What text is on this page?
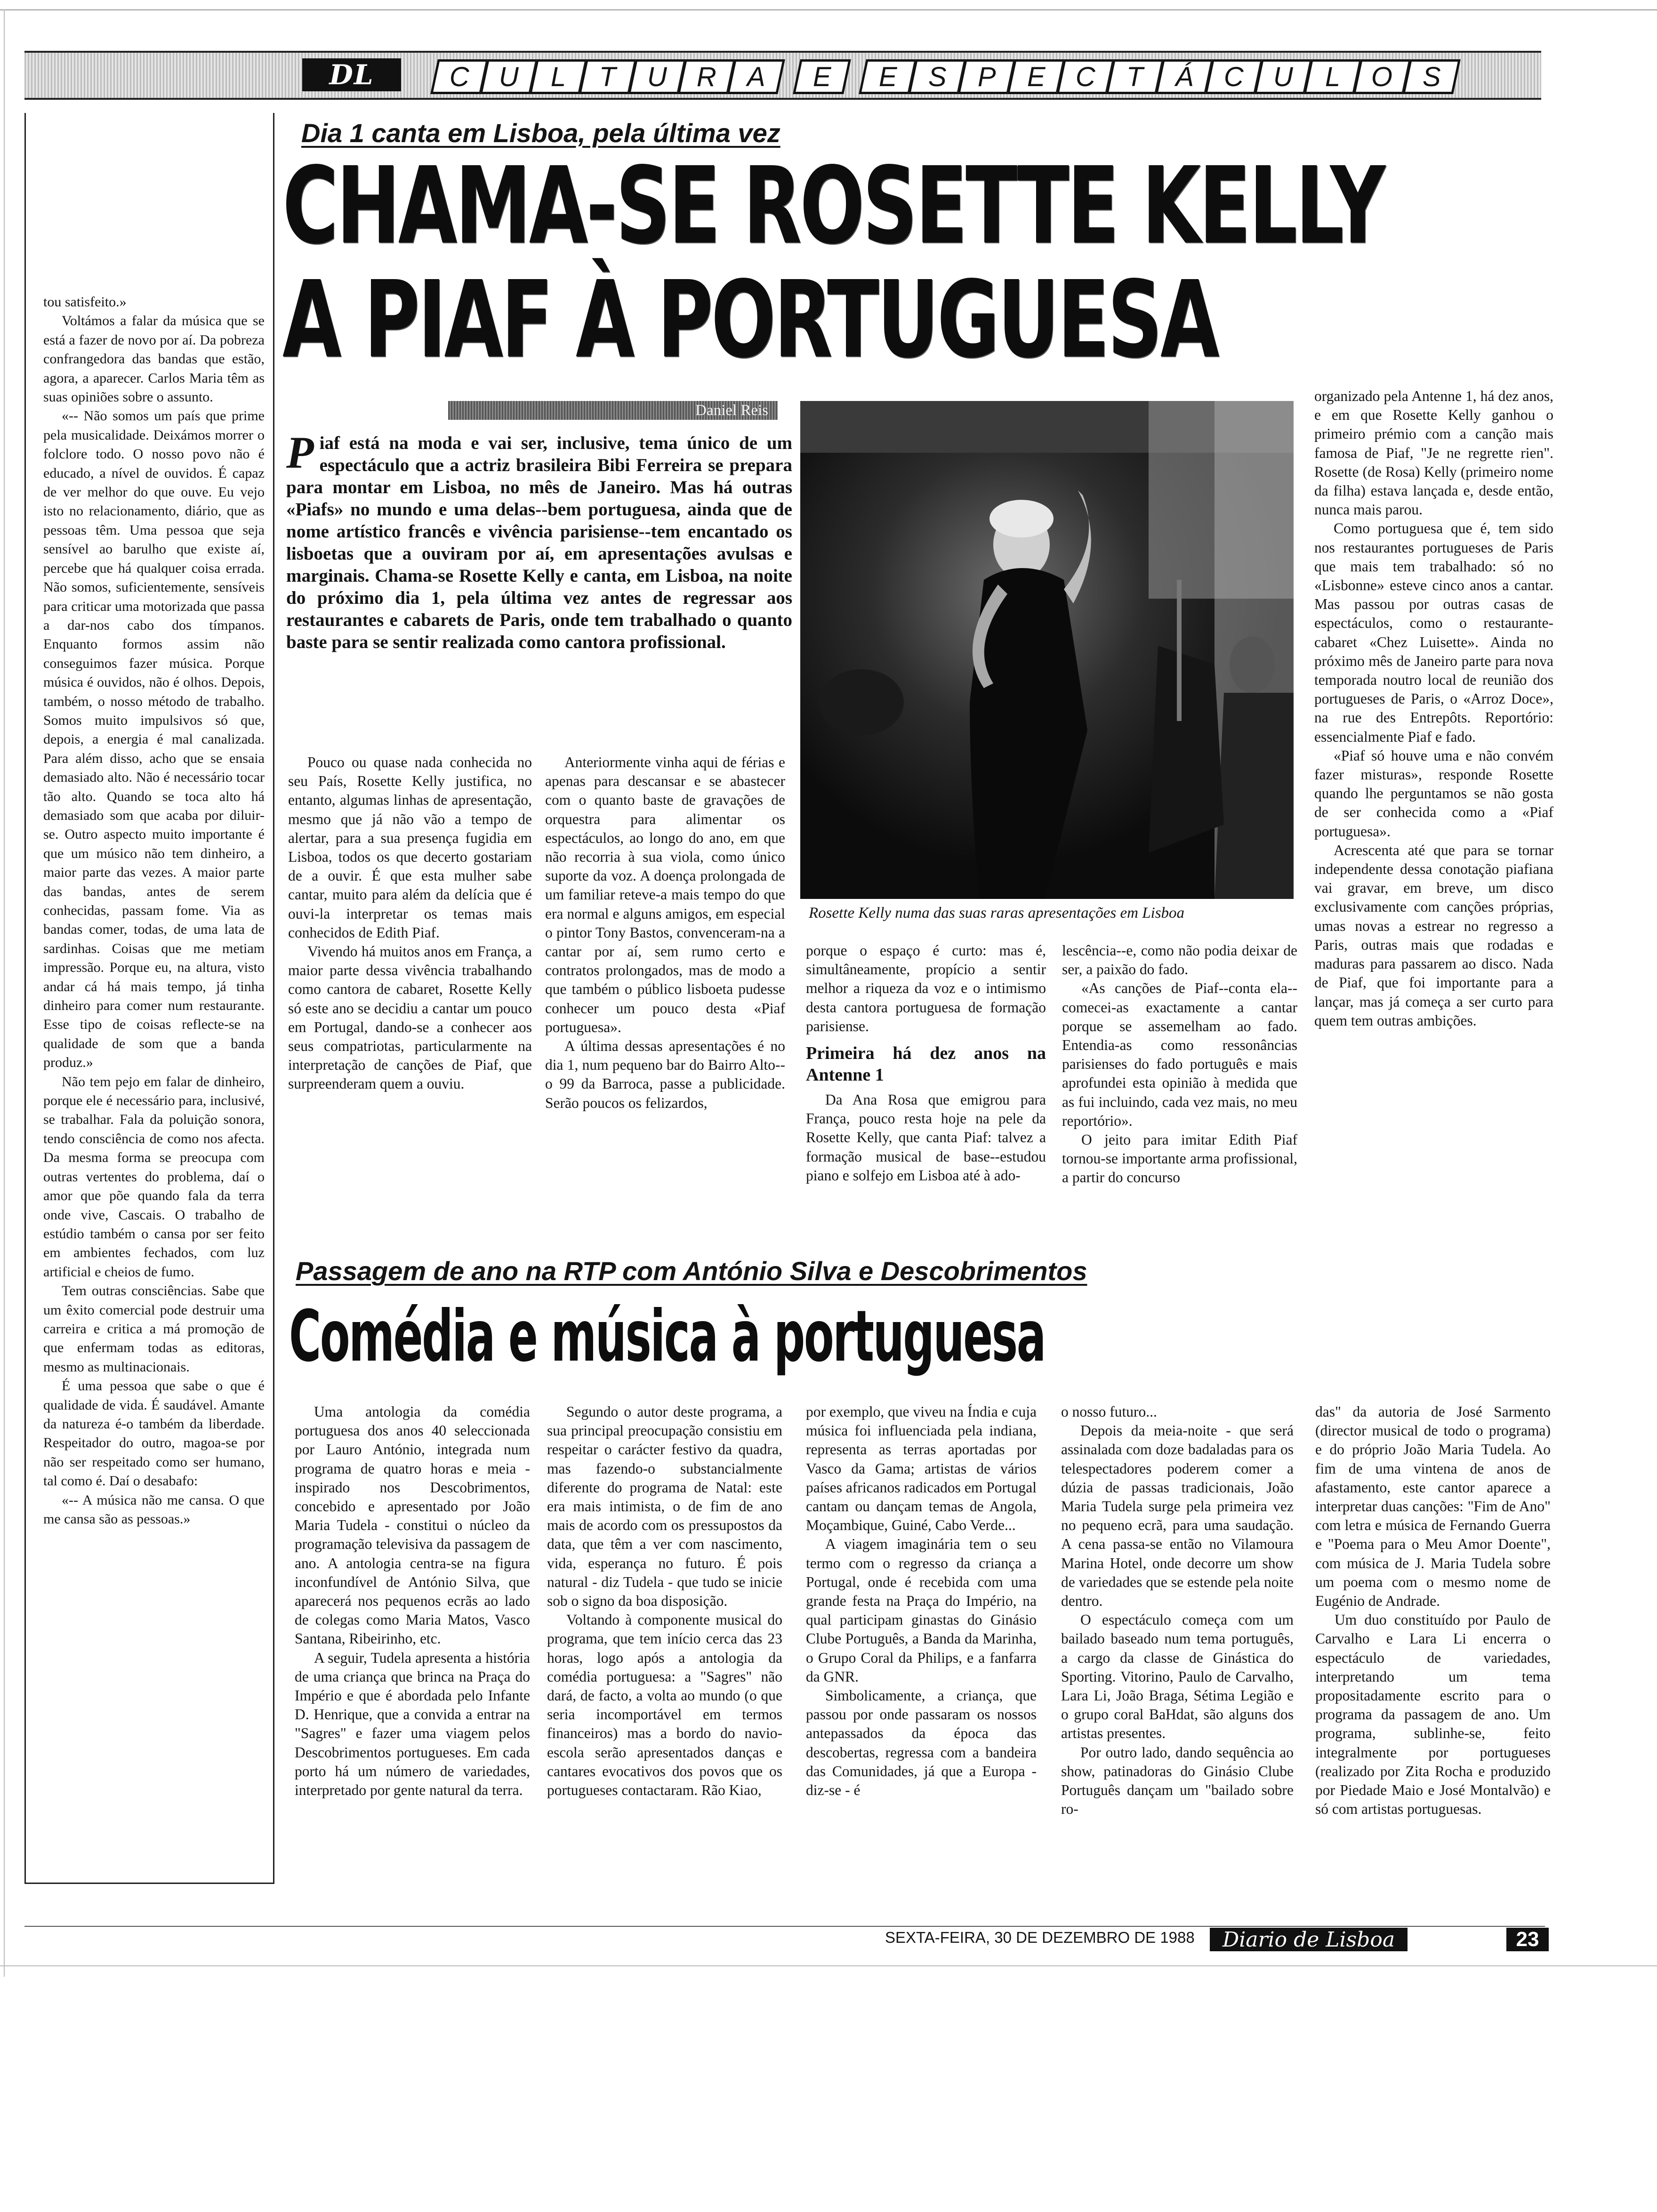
DL	C U L T U R A E E S P E C T Á C U L O S

tou satisfeito.»

Voltámos a falar da música que se está a fazer de novo por aí. Da pobreza confrangedora das bandas que estão, agora, a aparecer. Carlos Maria têm as suas opiniões sobre o assunto.

«-- Não somos um país que prime pela musicalidade. Deixámos morrer o folclore todo. O nosso povo não é educado, a nível de ouvidos. É capaz de ver melhor do que ouve. Eu vejo isto no relacionamento, diário, que as pessoas têm. Uma pessoa que seja sensível ao barulho que existe aí, percebe que há qualquer coisa errada. Não somos, suficientemente, sensíveis para criticar uma motorizada que passa a dar-nos cabo dos tímpanos. Enquanto formos assim não conseguimos fazer música. Porque música é ouvidos, não é olhos. Depois, também, o nosso método de trabalho. Somos muito impulsivos só que, depois, a energia é mal canalizada. Para além disso, acho que se ensaia demasiado alto. Não é necessário tocar tão alto. Quando se toca alto há demasiado som que acaba por diluir-se. Outro aspecto muito importante é que um músico não tem dinheiro, a maior parte das vezes. A maior parte das bandas, antes de serem conhecidas, passam fome. Via as bandas comer, todas, de uma lata de sardinhas. Coisas que me metiam impressão. Porque eu, na altura, visto andar cá há mais tempo, já tinha dinheiro para comer num restaurante. Esse tipo de coisas reflecte-se na qualidade de som que a banda produz.»

Não tem pejo em falar de dinheiro, porque ele é necessário para, inclusivé, se trabalhar. Fala da poluição sonora, tendo consciência de como nos afecta. Da mesma forma se preocupa com outras vertentes do problema, daí o amor que põe quando fala da terra onde vive, Cascais. O trabalho de estúdio também o cansa por ser feito em ambientes fechados, com luz artificial e cheios de fumo.

Tem outras consciências. Sabe que um êxito comercial pode destruir uma carreira e critica a má promoção de que enfermam todas as editoras, mesmo as multinacionais.

É uma pessoa que sabe o que é qualidade de vida. É saudável. Amante da natureza é-o também da liberdade. Respeitador do outro, magoa-se por não ser respeitado como ser humano, tal como é. Daí o desabafo:

«-- A música não me cansa. O que me cansa são as pessoas.»

Dia 1 canta em Lisboa, pela última vez
CHAMA-SE ROSETTE KELLY
A PIAF À PORTUGUESA
Daniel Reis
Piaf está na moda e vai ser, inclusive, tema único de um espectáculo que a actriz brasileira Bibi Ferreira se prepara para montar em Lisboa, no mês de Janeiro. Mas há outras «Piafs» no mundo e uma delas--bem portuguesa, ainda que de nome artístico francês e vivência parisiense--tem encantado os lisboetas que a ouviram por aí, em apresentações avulsas e marginais. Chama-se Rosette Kelly e canta, em Lisboa, na noite do próximo dia 1, pela última vez antes de regressar aos restaurantes e cabarets de Paris, onde tem trabalhado o quanto baste para se sentir realizada como cantora profissional.
Rosette Kelly numa das suas raras apresentações em Lisboa

Pouco ou quase nada conhecida no seu País, Rosette Kelly justifica, no entanto, algumas linhas de apresentação, mesmo que já não vão a tempo de alertar, para a sua presença fugidia em Lisboa, todos os que decerto gostariam de a ouvir. É que esta mulher sabe cantar, muito para além da delícia que é ouvi-la interpretar os temas mais conhecidos de Edith Piaf.

Vivendo há muitos anos em França, a maior parte dessa vivência trabalhando como cantora de cabaret, Rosette Kelly só este ano se decidiu a cantar um pouco em Portugal, dando-se a conhecer aos seus compatriotas, particularmente na interpretação de canções de Piaf, que surpreenderam quem a ouviu.

Anteriormente vinha aqui de férias e apenas para descansar e se abastecer com o quanto baste de gravações de orquestra para alimentar os espectáculos, ao longo do ano, em que não recorria à sua viola, como único suporte da voz. A doença prolongada de um familiar reteve-a mais tempo do que era normal e alguns amigos, em especial o pintor Tony Bastos, convenceram-na a cantar por aí, sem rumo certo e contratos prolongados, mas de modo a que também o público lisboeta pudesse conhecer um pouco desta «Piaf portuguesa».

A última dessas apresentações é no dia 1, num pequeno bar do Bairro Alto--o 99 da Barroca, passe a publicidade. Serão poucos os felizardos,

porque o espaço é curto: mas é, simultâneamente, propício a sentir melhor a riqueza da voz e o intimismo desta cantora portuguesa de formação parisiense.

Primeira há dez anos na Antenne 1

Da Ana Rosa que emigrou para França, pouco resta hoje na pele da Rosette Kelly, que canta Piaf: talvez a formação musical de base--estudou piano e solfejo em Lisboa até à ado-

lescência--e, como não podia deixar de ser, a paixão do fado.

«As canções de Piaf--conta ela--comecei-as exactamente a cantar porque se assemelham ao fado. Entendia-as como ressonâncias parisienses do fado português e mais aprofundei esta opinião à medida que as fui incluindo, cada vez mais, no meu reportório».

O jeito para imitar Edith Piaf tornou-se importante arma profissional, a partir do concurso

organizado pela Antenne 1, há dez anos, e em que Rosette Kelly ganhou o primeiro prémio com a canção mais famosa de Piaf, "Je ne regrette rien". Rosette (de Rosa) Kelly (primeiro nome da filha) estava lançada e, desde então, nunca mais parou.

Como portuguesa que é, tem sido nos restaurantes portugueses de Paris que mais tem trabalhado: só no «Lisbonne» esteve cinco anos a cantar. Mas passou por outras casas de espectáculos, como o restaurante-cabaret «Chez Luisette». Ainda no próximo mês de Janeiro parte para nova temporada noutro local de reunião dos portugueses de Paris, o «Arroz Doce», na rue des Entrepôts. Reportório: essencialmente Piaf e fado.

«Piaf só houve uma e não convém fazer misturas», responde Rosette quando lhe perguntamos se não gosta de ser conhecida como a «Piaf portuguesa».

Acrescenta até que para se tornar independente dessa conotação piafiana vai gravar, em breve, um disco exclusivamente com canções próprias, umas novas a estrear no regresso a Paris, outras mais que rodadas e maduras para passarem ao disco. Nada de Piaf, que foi importante para a lançar, mas já começa a ser curto para quem tem outras ambições.

Passagem de ano na RTP com António Silva e Descobrimentos
Comédia e música à portuguesa

Uma antologia da comédia portuguesa dos anos 40 seleccionada por Lauro António, integrada num programa de quatro horas e meia - inspirado nos Descobrimentos, concebido e apresentado por João Maria Tudela - constitui o núcleo da programação televisiva da passagem de ano. A antologia centra-se na figura inconfundível de António Silva, que aparecerá nos pequenos ecrãs ao lado de colegas como Maria Matos, Vasco Santana, Ribeirinho, etc.

A seguir, Tudela apresenta a história de uma criança que brinca na Praça do Império e que é abordada pelo Infante D. Henrique, que a convida a entrar na "Sagres" e fazer uma viagem pelos Descobrimentos portugueses. Em cada porto há um número de variedades, interpretado por gente natural da terra.

Segundo o autor deste programa, a sua principal preocupação consistiu em respeitar o carácter festivo da quadra, mas fazendo-o substancialmente diferente do programa de Natal: este era mais intimista, o de fim de ano mais de acordo com os pressupostos da data, que têm a ver com nascimento, vida, esperança no futuro. É pois natural - diz Tudela - que tudo se inicie sob o signo da boa disposição.

Voltando à componente musical do programa, que tem início cerca das 23 horas, logo após a antologia da comédia portuguesa: a "Sagres" não dará, de facto, a volta ao mundo (o que seria incomportável em termos financeiros) mas a bordo do navio-escola serão apresentados danças e cantares evocativos dos povos que os portugueses contactaram. Rão Kiao,

por exemplo, que viveu na Índia e cuja música foi influenciada pela indiana, representa as terras aportadas por Vasco da Gama; artistas de vários países africanos radicados em Portugal cantam ou dançam temas de Angola, Moçambique, Guiné, Cabo Verde...

A viagem imaginária tem o seu termo com o regresso da criança a Portugal, onde é recebida com uma grande festa na Praça do Império, na qual participam ginastas do Ginásio Clube Português, a Banda da Marinha, o Grupo Coral da Philips, e a fanfarra da GNR.

Simbolicamente, a criança, que passou por onde passaram os nossos antepassados da época das descobertas, regressa com a bandeira das Comunidades, já que a Europa - diz-se - é

o nosso futuro...

Depois da meia-noite - que será assinalada com doze badaladas para os telespectadores poderem comer a dúzia de passas tradicionais, João Maria Tudela surge pela primeira vez no pequeno ecrã, para uma saudação. A cena passa-se então no Vilamoura Marina Hotel, onde decorre um show de variedades que se estende pela noite dentro.

O espectáculo começa com um bailado baseado num tema português, a cargo da classe de Ginástica do Sporting. Vitorino, Paulo de Carvalho, Lara Li, João Braga, Sétima Legião e o grupo coral BaHdat, são alguns dos artistas presentes.

Por outro lado, dando sequência ao show, patinadoras do Ginásio Clube Português dançam um "bailado sobre ro-

das" da autoria de José Sarmento (director musical de todo o programa) e do próprio João Maria Tudela. Ao fim de uma vintena de anos de afastamento, este cantor aparece a interpretar duas canções: "Fim de Ano" com letra e música de Fernando Guerra e "Poema para o Meu Amor Doente", com música de J. Maria Tudela sobre um poema com o mesmo nome de Eugénio de Andrade.

Um duo constituído por Paulo de Carvalho e Lara Li encerra o espectáculo de variedades, interpretando um tema propositadamente escrito para o programa da passagem de ano. Um programa, sublinhe-se, feito integralmente por portugueses (realizado por Zita Rocha e produzido por Piedade Maio e José Montalvão) e só com artistas portuguesas.

SEXTA-FEIRA, 30 DE DEZEMBRO DE 1988	Diario de Lisboa	23
